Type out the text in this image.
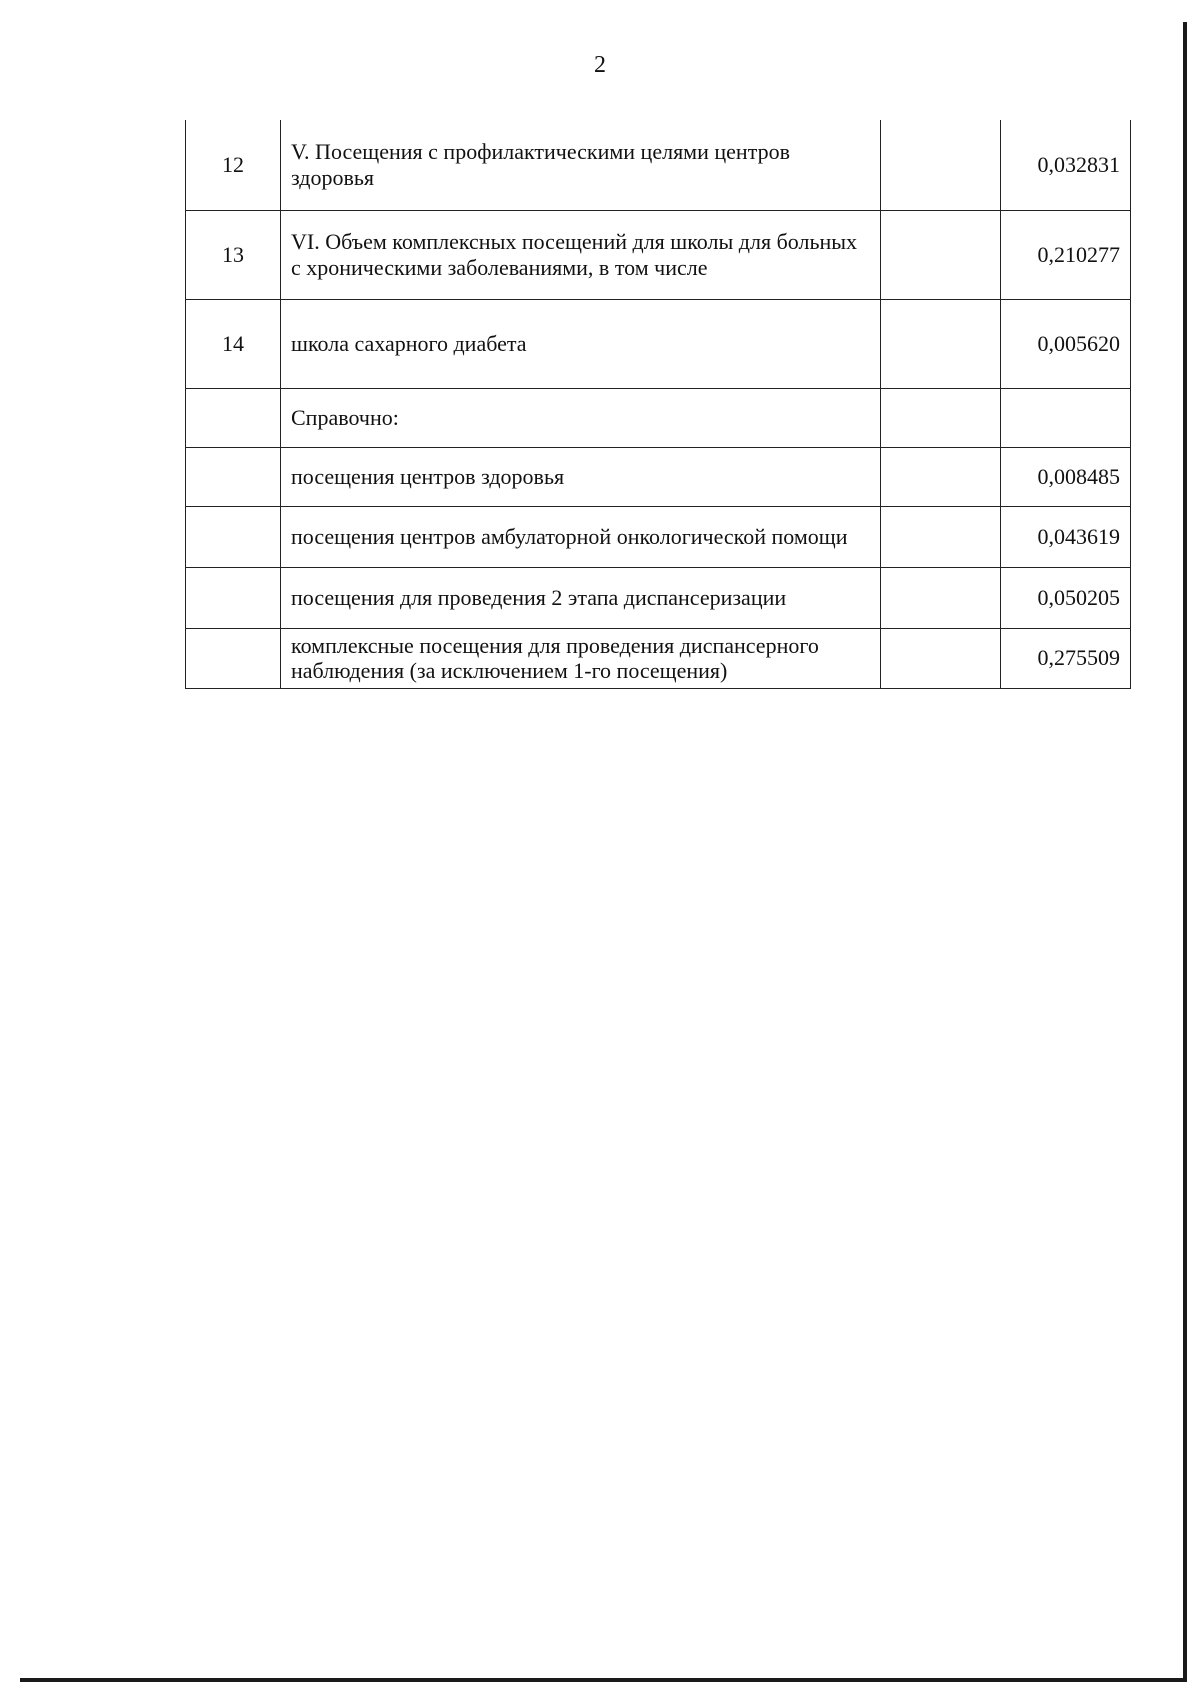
2
12	V. Посещения с профилактическими целями центров здоровья		0,032831
13	VI. Объем комплексных посещений для школы для больных с хроническими заболеваниями, в том числе		0,210277
14	школа сахарного диабета		0,005620
	Справочно:		
	посещения центров здоровья		0,008485
	посещения центров амбулаторной онкологической помощи		0,043619
	посещения для проведения 2 этапа диспансеризации		0,050205
	комплексные посещения для проведения диспансерного наблюдения (за исключением 1-го посещения)		0,275509
